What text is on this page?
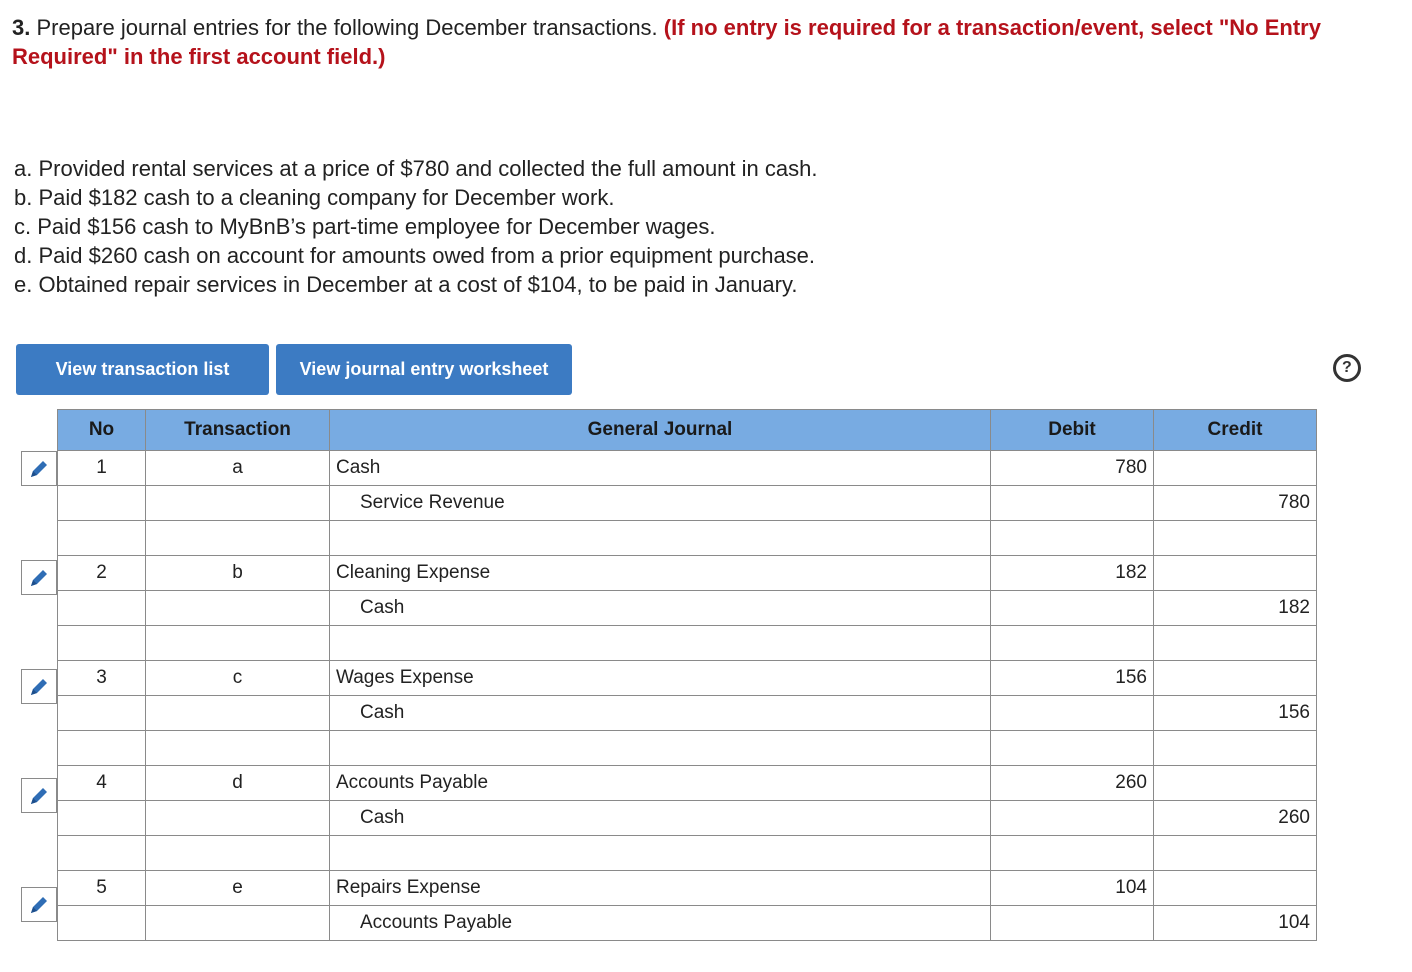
3. Prepare journal entries for the following December transactions. (If no entry is required for a transaction/event, select "No Entry Required" in the first account field.)

a. Provided rental services at a price of $780 and collected the full amount in cash.
b. Paid $182 cash to a cleaning company for December work.
c. Paid $156 cash to MyBnB’s part-time employee for December wages.
d. Paid $260 cash on account for amounts owed from a prior equipment purchase.
e. Obtained repair services in December at a cost of $104, to be paid in January.
View transaction list	View journal entry worksheet	?
No	Transaction	General Journal	Debit	Credit
1	a	Cash	780	
		Service Revenue		780

2	b	Cleaning Expense	182	
		Cash		182

3	c	Wages Expense	156	
		Cash		156

4	d	Accounts Payable	260	
		Cash		260

5	e	Repairs Expense	104	
		Accounts Payable		104
